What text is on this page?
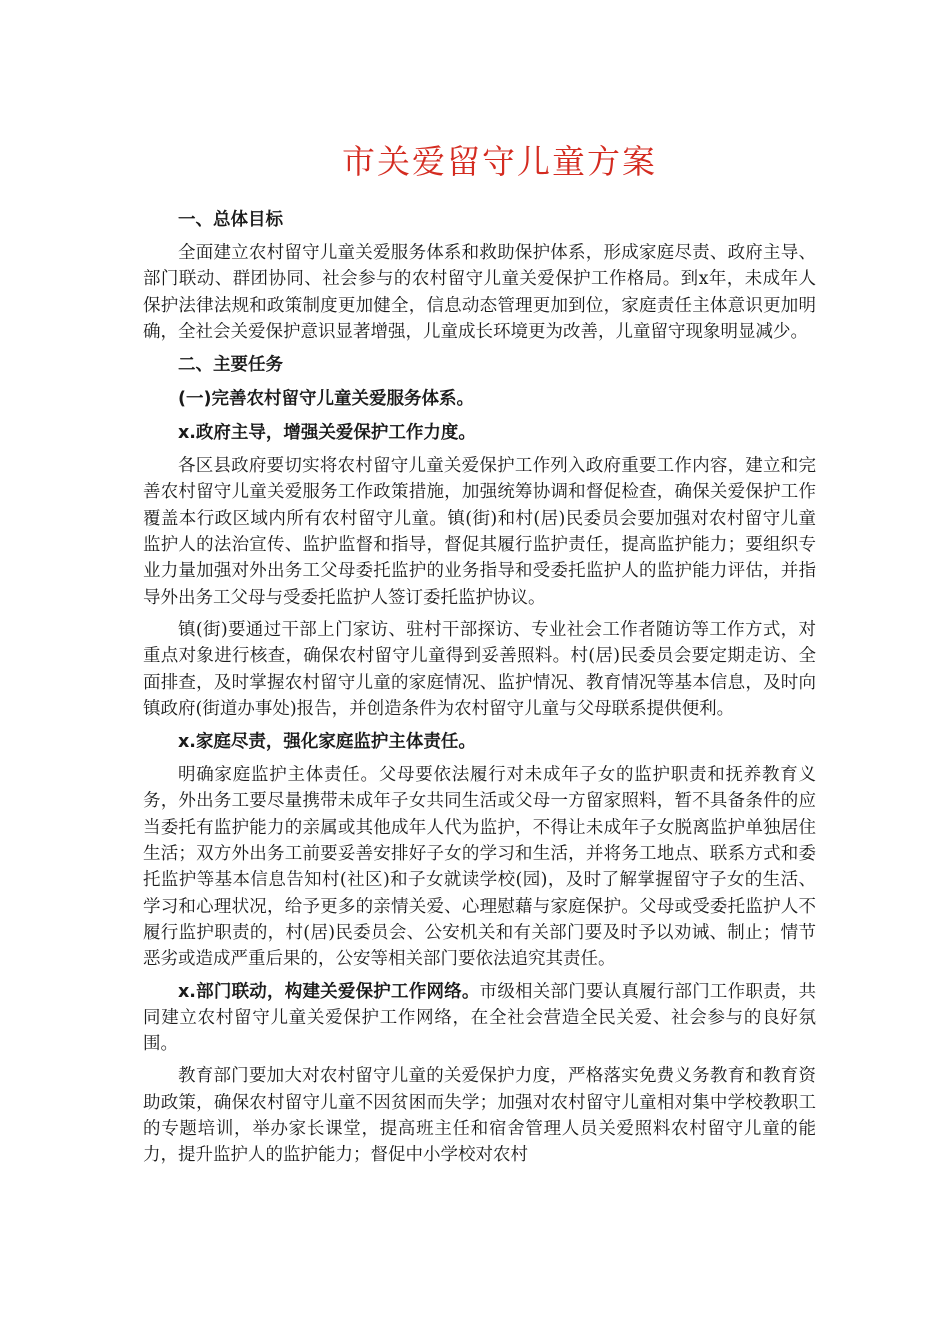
市关爱留守儿童方案
一、总体目标

全面建立农村留守儿童关爱服务体系和救助保护体系，形成家庭尽责、政府主导、部门联动、群团协同、社会参与的农村留守儿童关爱保护工作格局。到x年，未成年人保护法律法规和政策制度更加健全，信息动态管理更加到位，家庭责任主体意识更加明确，全社会关爱保护意识显著增强，儿童成长环境更为改善，儿童留守现象明显减少。

二、主要任务
(一)完善农村留守儿童关爱服务体系。
x.政府主导，增强关爱保护工作力度。

各区县政府要切实将农村留守儿童关爱保护工作列入政府重要工作内容，建立和完善农村留守儿童关爱服务工作政策措施，加强统筹协调和督促检查，确保关爱保护工作覆盖本行政区域内所有农村留守儿童。镇(街)和村(居)民委员会要加强对农村留守儿童监护人的法治宣传、监护监督和指导，督促其履行监护责任，提高监护能力；要组织专业力量加强对外出务工父母委托监护的业务指导和受委托监护人的监护能力评估，并指导外出务工父母与受委托监护人签订委托监护协议。

镇(街)要通过干部上门家访、驻村干部探访、专业社会工作者随访等工作方式，对重点对象进行核查，确保农村留守儿童得到妥善照料。村(居)民委员会要定期走访、全面排查，及时掌握农村留守儿童的家庭情况、监护情况、教育情况等基本信息，及时向镇政府(街道办事处)报告，并创造条件为农村留守儿童与父母联系提供便利。

x.家庭尽责，强化家庭监护主体责任。

明确家庭监护主体责任。父母要依法履行对未成年子女的监护职责和抚养教育义务，外出务工要尽量携带未成年子女共同生活或父母一方留家照料，暂不具备条件的应当委托有监护能力的亲属或其他成年人代为监护，不得让未成年子女脱离监护单独居住生活；双方外出务工前要妥善安排好子女的学习和生活，并将务工地点、联系方式和委托监护等基本信息告知村(社区)和子女就读学校(园)，及时了解掌握留守子女的生活、学习和心理状况，给予更多的亲情关爱、心理慰藉与家庭保护。父母或受委托监护人不履行监护职责的，村(居)民委员会、公安机关和有关部门要及时予以劝诫、制止；情节恶劣或造成严重后果的，公安等相关部门要依法追究其责任。

x.部门联动，构建关爱保护工作网络。市级相关部门要认真履行部门工作职责，共同建立农村留守儿童关爱保护工作网络，在全社会营造全民关爱、社会参与的良好氛围。

教育部门要加大对农村留守儿童的关爱保护力度，严格落实免费义务教育和教育资助政策，确保农村留守儿童不因贫困而失学；加强对农村留守儿童相对集中学校教职工的专题培训，举办家长课堂，提高班主任和宿舍管理人员关爱照料农村留守儿童的能力，提升监护人的监护能力；督促中小学校对农村
